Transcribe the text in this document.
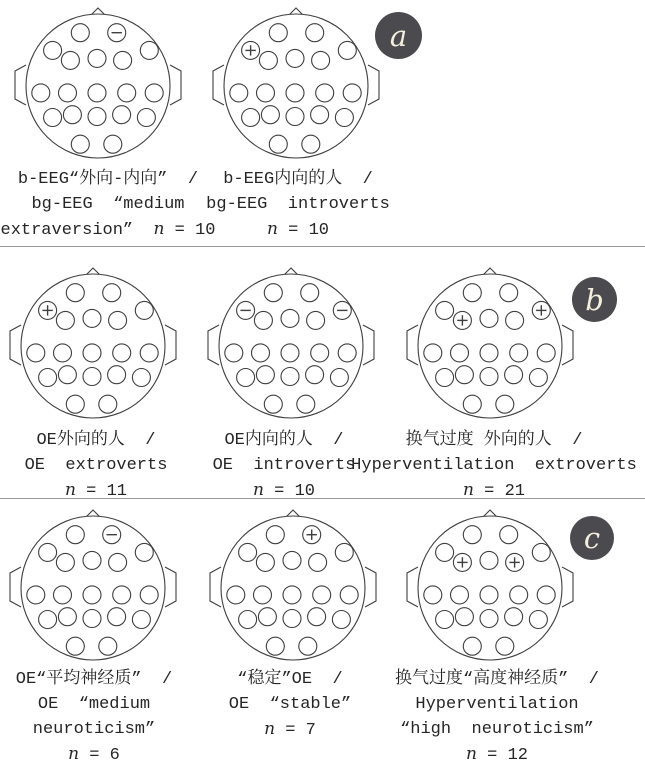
a
b
c
b-EEG“外向-内向”  /
bg-EEG  “medium
extraversion”  n = 10
b-EEG内向的人  /
bg-EEG  introverts
n = 10
OE外向的人  /
OE  extroverts
n = 11
OE内向的人  /
OE  introverts
n = 10
换气过度 外向的人  /
Hyperventilation  extroverts
n = 21
OE“平均神经质”  /
OE  “medium
neuroticism”
n = 6
“稳定”OE  /
OE  “stable”
n = 7
换气过度“高度神经质”  /
Hyperventilation
“high  neuroticism”
n = 12
